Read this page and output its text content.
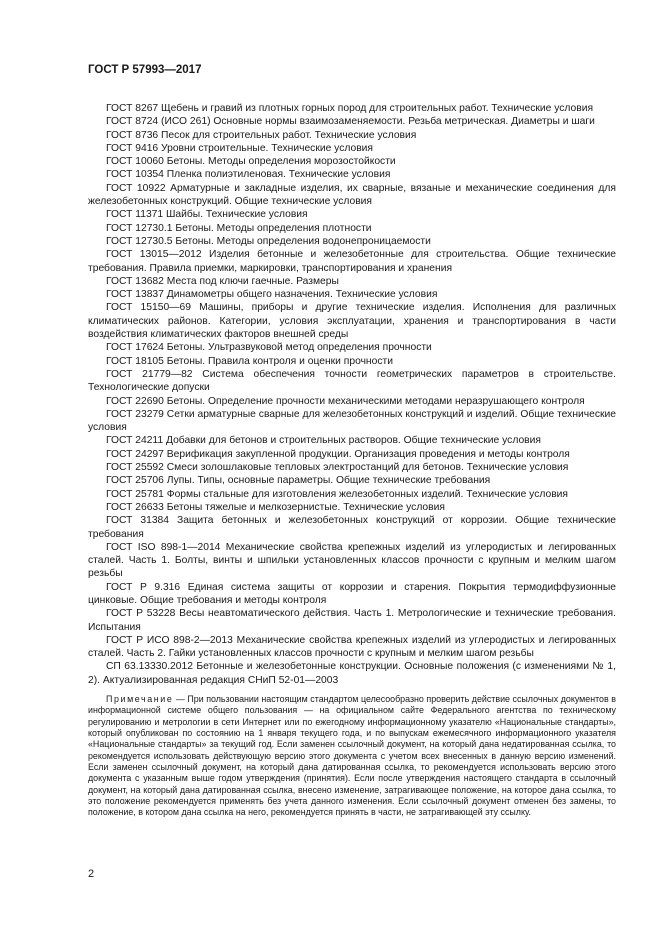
ГОСТ Р 57993—2017

ГОСТ 8267 Щебень и гравий из плотных горных пород для строительных работ. Технические условия

ГОСТ 8724 (ИСО 261) Основные нормы взаимозаменяемости. Резьба метрическая. Диаметры и шаги

ГОСТ 8736 Песок для строительных работ. Технические условия

ГОСТ 9416 Уровни строительные. Технические условия

ГОСТ 10060 Бетоны. Методы определения морозостойкости

ГОСТ 10354 Пленка полиэтиленовая. Технические условия

ГОСТ 10922 Арматурные и закладные изделия, их сварные, вязаные и механические соединения для железобетонных конструкций. Общие технические условия

ГОСТ 11371 Шайбы. Технические условия

ГОСТ 12730.1 Бетоны. Методы определения плотности

ГОСТ 12730.5 Бетоны. Методы определения водонепроницаемости

ГОСТ 13015—2012 Изделия бетонные и железобетонные для строительства. Общие технические требования. Правила приемки, маркировки, транспортирования и хранения

ГОСТ 13682 Места под ключи гаечные. Размеры

ГОСТ 13837 Динамометры общего назначения. Технические условия

ГОСТ 15150—69 Машины, приборы и другие технические изделия. Исполнения для различных климатических районов. Категории, условия эксплуатации, хранения и транспортирования в части воздействия климатических факторов внешней среды

ГОСТ 17624 Бетоны. Ультразвуковой метод определения прочности

ГОСТ 18105 Бетоны. Правила контроля и оценки прочности

ГОСТ 21779—82 Система обеспечения точности геометрических параметров в строительстве. Технологические допуски

ГОСТ 22690 Бетоны. Определение прочности механическими методами неразрушающего контроля

ГОСТ 23279 Сетки арматурные сварные для железобетонных конструкций и изделий. Общие технические условия

ГОСТ 24211 Добавки для бетонов и строительных растворов. Общие технические условия

ГОСТ 24297 Верификация закупленной продукции. Организация проведения и методы контроля

ГОСТ 25592 Смеси золошлаковые тепловых электростанций для бетонов. Технические условия

ГОСТ 25706 Лупы. Типы, основные параметры. Общие технические требования

ГОСТ 25781 Формы стальные для изготовления железобетонных изделий. Технические условия

ГОСТ 26633 Бетоны тяжелые и мелкозернистые. Технические условия

ГОСТ 31384 Защита бетонных и железобетонных конструкций от коррозии. Общие технические требования

ГОСТ ISO 898-1—2014 Механические свойства крепежных изделий из углеродистых и легированных сталей. Часть 1. Болты, винты и шпильки установленных классов прочности с крупным и мелким шагом резьбы

ГОСТ Р 9.316 Единая система защиты от коррозии и старения. Покрытия термодиффузионные цинковые. Общие требования и методы контроля

ГОСТ Р 53228 Весы неавтоматического действия. Часть 1. Метрологические и технические требования. Испытания

ГОСТ Р ИСО 898-2—2013 Механические свойства крепежных изделий из углеродистых и легированных сталей. Часть 2. Гайки установленных классов прочности с крупным и мелким шагом резьбы

СП 63.13330.2012 Бетонные и железобетонные конструкции. Основные положения (с изменениями № 1, 2). Актуализированная редакция СНиП 52-01—2003

Примечание — При пользовании настоящим стандартом целесообразно проверить действие ссылочных документов в информационной системе общего пользования — на официальном сайте Федерального агентства по техническому регулированию и метрологии в сети Интернет или по ежегодному информационному указателю «Национальные стандарты», который опубликован по состоянию на 1 января текущего года, и по выпускам ежемесячного информационного указателя «Национальные стандарты» за текущий год. Если заменен ссылочный документ, на который дана недатированная ссылка, то рекомендуется использовать действующую версию этого документа с учетом всех внесенных в данную версию изменений. Если заменен ссылочный документ, на который дана датированная ссылка, то рекомендуется использовать версию этого документа с указанным выше годом утверждения (принятия). Если после утверждения настоящего стандарта в ссылочный документ, на который дана датированная ссылка, внесено изменение, затрагивающее положение, на которое дана ссылка, то это положение рекомендуется применять без учета данного изменения. Если ссылочный документ отменен без замены, то положение, в котором дана ссылка на него, рекомендуется принять в части, не затрагивающей эту ссылку.

2
